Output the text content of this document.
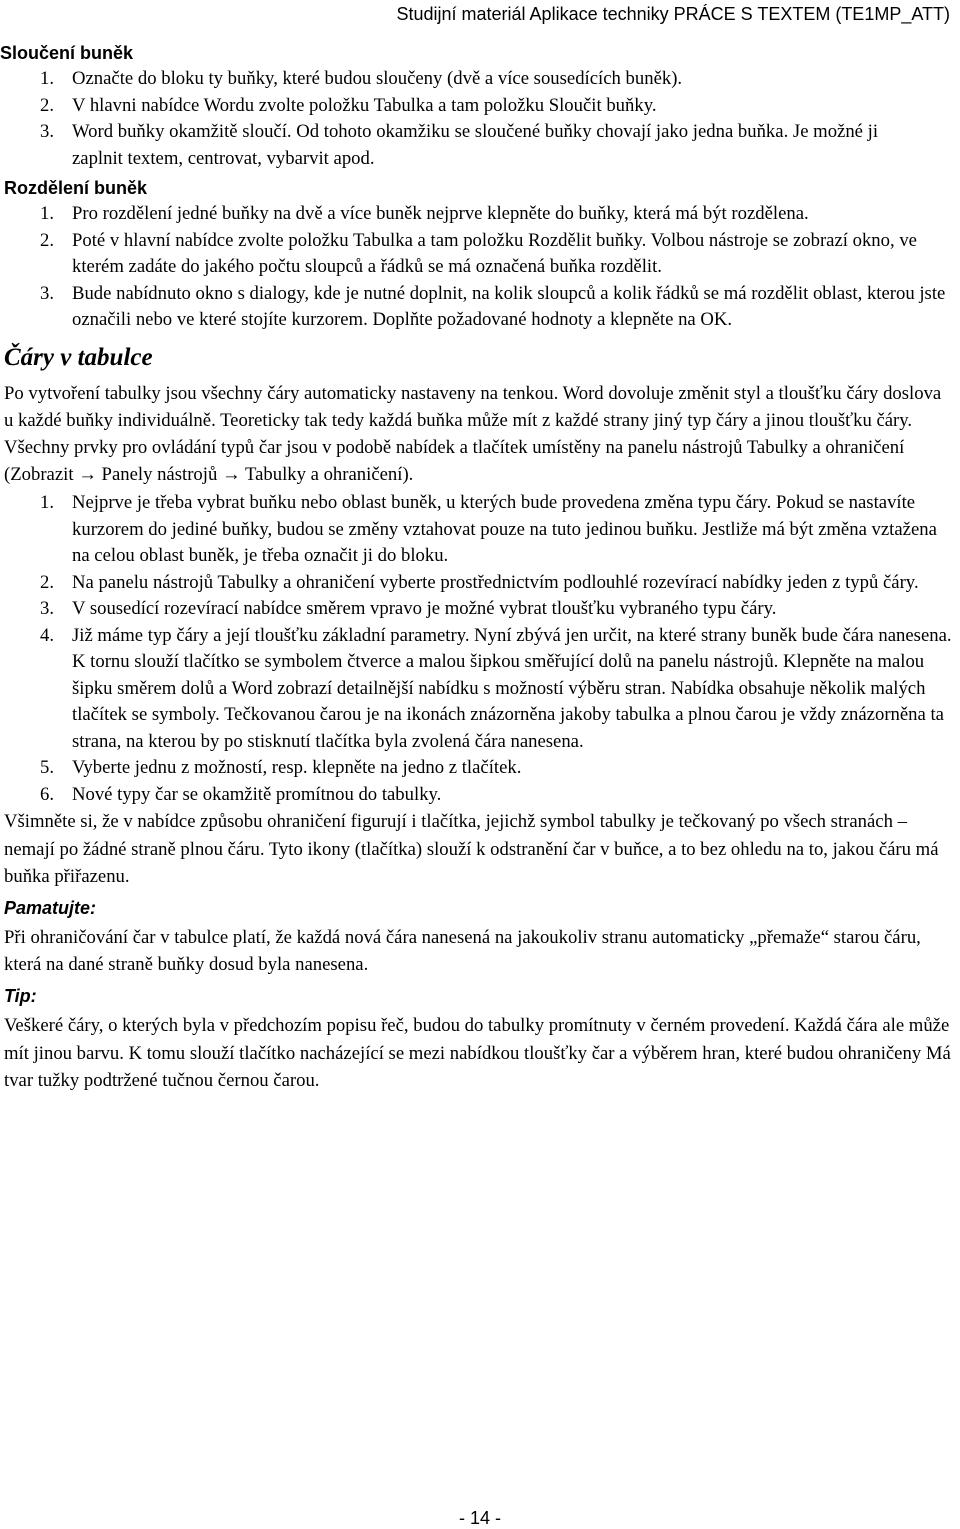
Studijní materiál Aplikace techniky PRÁCE S TEXTEM (TE1MP_ATT)
Sloučení buněk
1. Označte do bloku ty buňky, které budou sloučeny (dvě a více sousedících buněk).
2. V hlavni nabídce Wordu zvolte položku Tabulka a tam položku Sloučit buňky.
3. Word buňky okamžitě sloučí. Od tohoto okamžiku se sloučené buňky chovají jako jedna buňka. Je možné ji zaplnit textem, centrovat, vybarvit apod.
Rozdělení buněk
1. Pro rozdělení jedné buňky na dvě a více buněk nejprve klepněte do buňky, která má být rozdělena.
2. Poté v hlavní nabídce zvolte položku Tabulka a tam položku Rozdělit buňky. Volbou nástroje se zobrazí okno, ve kterém zadáte do jakého počtu sloupců a řádků se má označená buňka rozdělit.
3. Bude nabídnuto okno s dialogy, kde je nutné doplnit, na kolik sloupců a kolik řádků se má rozdělit oblast, kterou jste označili nebo ve které stojíte kurzorem. Doplňte požadované hodnoty a klepněte na OK.
Čáry v tabulce

Po vytvoření tabulky jsou všechny čáry automaticky nastaveny na tenkou. Word dovoluje změnit styl a tloušťku čáry doslova u každé buňky individuálně. Teoreticky tak tedy každá buňka může mít z každé strany jiný typ čáry a jinou tloušťku čáry. Všechny prvky pro ovládání typů čar jsou v podobě nabídek a tlačítek umístěny na panelu nástrojů Tabulky a ohraničení (Zobrazit → Panely nástrojů → Tabulky a ohraničení).

1. Nejprve je třeba vybrat buňku nebo oblast buněk, u kterých bude provedena změna typu čáry. Pokud se nastavíte kurzorem do jediné buňky, budou se změny vztahovat pouze na tuto jedinou buňku. Jestliže má být změna vztažena na celou oblast buněk, je třeba označit ji do bloku.
2. Na panelu nástrojů Tabulky a ohraničení vyberte prostřednictvím podlouhlé rozevírací nabídky jeden z typů čáry.
3. V sousedící rozevírací nabídce směrem vpravo je možné vybrat tloušťku vybraného typu čáry.
4. Již máme typ čáry a její tloušťku základní parametry. Nyní zbývá jen určit, na které strany buněk bude čára nanesena. K tornu slouží tlačítko se symbolem čtverce a malou šipkou směřující dolů na panelu nástrojů. Klepněte na malou šipku směrem dolů a Word zobrazí detailnější nabídku s možností výběru stran. Nabídka obsahuje několik malých tlačítek se symboly. Tečkovanou čarou je na ikonách znázorněna jakoby tabulka a plnou čarou je vždy znázorněna ta strana, na kterou by po stisknutí tlačítka byla zvolená čára nanesena.
5. Vyberte jednu z možností, resp. klepněte na jedno z tlačítek.
6. Nové typy čar se okamžitě promítnou do tabulky.

Všimněte si, že v nabídce způsobu ohraničení figurují i tlačítka, jejichž symbol tabulky je tečkovaný po všech stranách – nemají po žádné straně plnou čáru. Tyto ikony (tlačítka) slouží k odstranění čar v buňce, a to bez ohledu na to, jakou čáru má buňka přiřazenu.

Pamatujte:

Při ohraničování čar v tabulce platí, že každá nová čára nanesená na jakoukoliv stranu automaticky „přemaže“ starou čáru, která na dané straně buňky dosud byla nanesena.

Tip:

Veškeré čáry, o kterých byla v předchozím popisu řeč, budou do tabulky promítnuty v černém provedení. Každá čára ale může mít jinou barvu. K tomu slouží tlačítko nacházející se mezi nabídkou tloušťky čar a výběrem hran, které budou ohraničeny Má tvar tužky podtržené tučnou černou čarou.

- 14 -
